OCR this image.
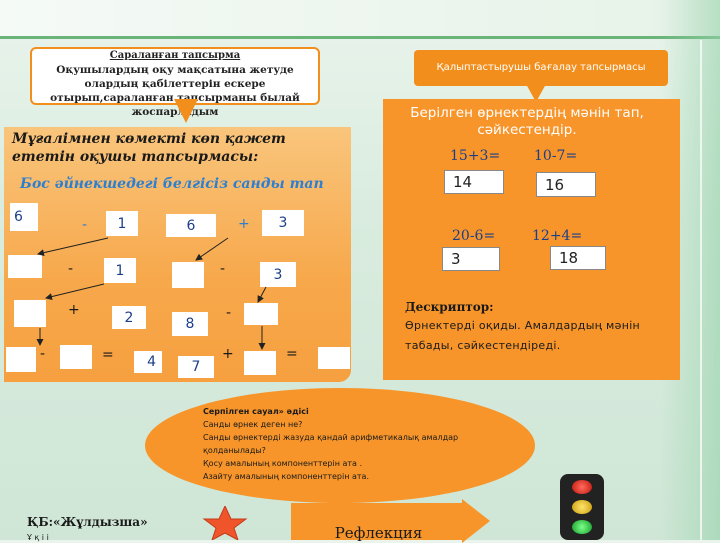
Сараланған тапсырма
Оқушылардың оқу мақсатына жетуде олардың қабілеттерін ескере отырып,сараланған тапсырманы былай жоспарладым
Қалыптастырушы бағалау тапсырмасы
Мұғалімнен көмекті көп қажет ететін оқушы тапсырмасы:
Бос әйнекшедегі белгісіз санды тап
6	-	1	6	+	3
-	1	-	3
+	2	8
-
-	=	4	7
+	=
Берілген өрнектердің мәнін тап, сәйкестендір.
15+3= 10-7=
14	16
20-6=	12+4=
3	18
Дескриптор:
Өрнектерді оқиды. Амалдардың мәнін табады, сәйкестендіреді.
Серпілген сауал» әдісі
Санды өрнек деген не?
Санды өрнектерді жазуда қандай арифметикалық амалдар қолданылады?
Қосу амалының компоненттерін ата .
Азайту амалының компоненттерін ата.
ҚБ:«Жұлдызша»
Ұ қ і і	Рефлекция
